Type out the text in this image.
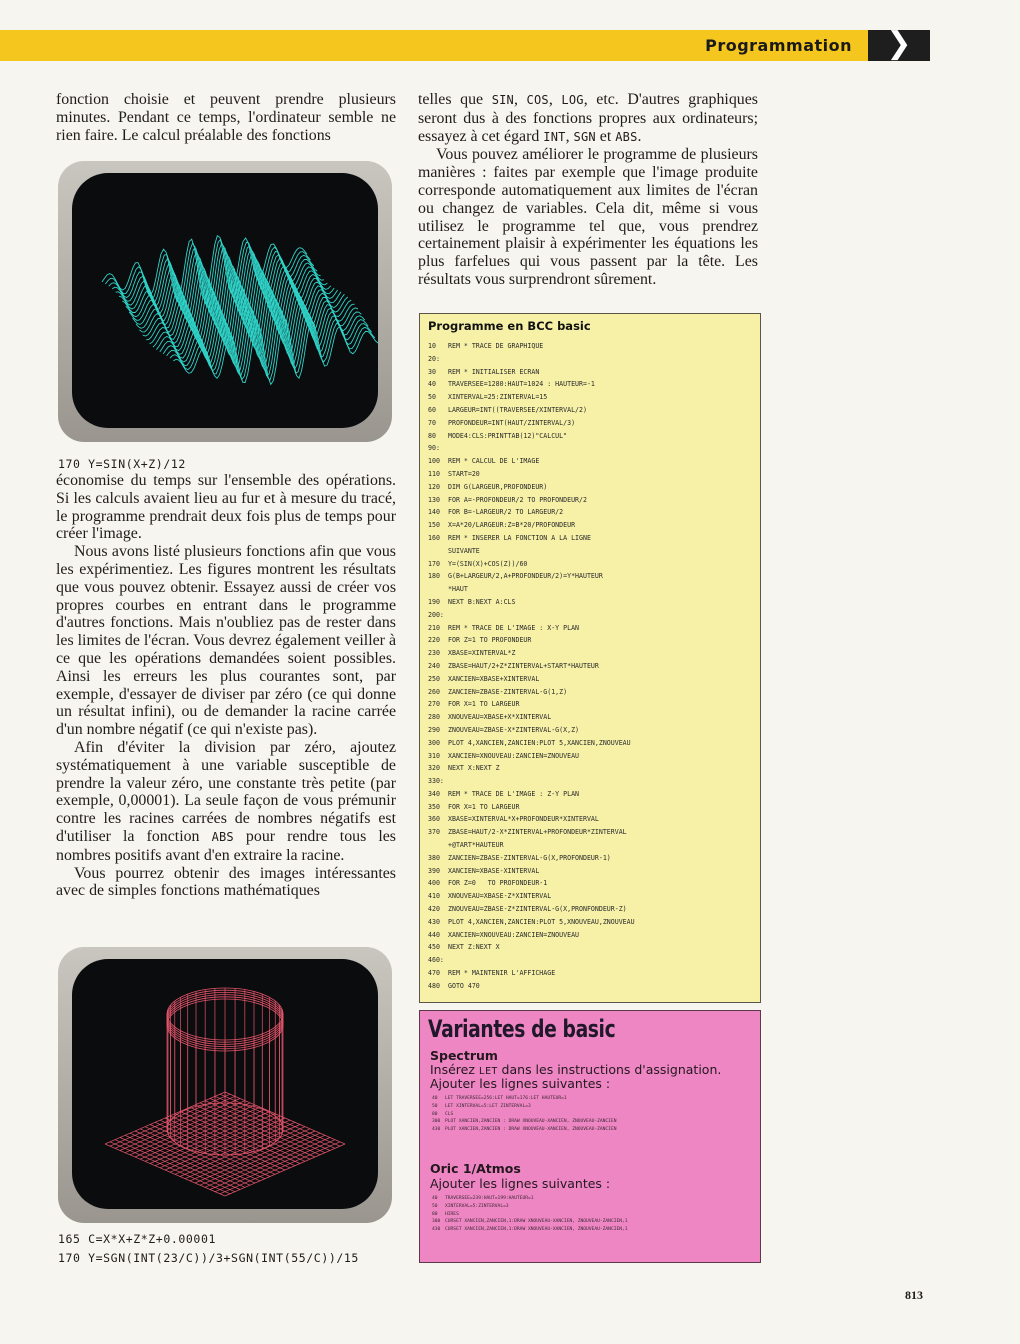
Programmation	❯

fonction choisie et peuvent prendre plusieurs minutes. Pendant ce temps, l'ordinateur semble ne rien faire. Le calcul préalable des fonctions

170 Y=SIN(X+Z)/12

économise du temps sur l'ensemble des opérations. Si les calculs avaient lieu au fur et à mesure du tracé, le programme prendrait deux fois plus de temps pour créer l'image.

Nous avons listé plusieurs fonctions afin que vous les expérimentiez. Les figures montrent les résultats que vous pouvez obtenir. Essayez aussi de créer vos propres courbes en entrant dans le programme d'autres fonctions. Mais n'oubliez pas de rester dans les limites de l'écran. Vous devrez également veiller à ce que les opérations demandées soient possibles. Ainsi les erreurs les plus courantes sont, par exemple, d'essayer de diviser par zéro (ce qui donne un résultat infini), ou de demander la racine carrée d'un nombre négatif (ce qui n'existe pas).

Afin d'éviter la division par zéro, ajoutez systématiquement à une variable susceptible de prendre la valeur zéro, une constante très petite (par exemple, 0,00001). La seule façon de vous prémunir contre les racines carrées de nombres négatifs est d'utiliser la fonction ABS pour rendre tous les nombres positifs avant d'en extraire la racine.

Vous pourrez obtenir des images intéressantes avec de simples fonctions mathématiques

165 C=X*X+Z*Z+0.00001
170 Y=SGN(INT(23/C))/3+SGN(INT(55/C))/15

telles que SIN, COS, LOG, etc. D'autres graphiques seront dus à des fonctions propres aux ordinateurs; essayez à cet égard INT, SGN et ABS.

Vous pouvez améliorer le programme de plusieurs manières : faites par exemple que l'image produite corresponde automatiquement aux limites de l'écran ou changez de variables. Cela dit, même si vous utilisez le programme tel que, vous prendrez certainement plaisir à expérimenter les équations les plus farfelues qui vous passent par la tête. Les résultats vous surprendront sûrement.

Programme en BCC basic
10	REM * TRACE DE GRAPHIQUE
20:
30	REM * INITIALISER ECRAN
40	TRAVERSEE=1280:HAUT=1024 : HAUTEUR=-1
50	XINTERVAL=25:ZINTERVAL=15
60	LARGEUR=INT((TRAVERSEE/XINTERVAL/2)
70	PROFONDEUR=INT(HAUT/ZINTERVAL/3)
80	MODE4:CLS:PRINTTAB(12)"CALCUL"
90:
100	REM * CALCUL DE L'IMAGE
110	START=20
120	DIM G(LARGEUR,PROFONDEUR)
130	FOR A=-PROFONDEUR/2 TO PROFONDEUR/2
140	FOR B=-LARGEUR/2 TO LARGEUR/2
150	X=A*20/LARGEUR:Z=B*20/PROFONDEUR
160	REM * INSERER LA FONCTION A LA LIGNE
SUIVANTE
170	Y=(SIN(X)+COS(Z))/60
180	G(B+LARGEUR/2,A+PROFONDEUR/2)=Y*HAUTEUR
*HAUT
190	NEXT B:NEXT A:CLS
200:
210	REM * TRACE DE L'IMAGE : X-Y PLAN
220	FOR Z=1 TO PROFONDEUR
230	XBASE=XINTERVAL*Z
240	ZBASE=HAUT/2+Z*ZINTERVAL+START*HAUTEUR
250	XANCIEN=XBASE+XINTERVAL
260	ZANCIEN=ZBASE-ZINTERVAL-G(1,Z)
270	FOR X=1 TO LARGEUR
280	XNOUVEAU=XBASE+X*XINTERVAL
290	ZNOUVEAU=ZBASE-X*ZINTERVAL-G(X,Z)
300	PLOT 4,XANCIEN,ZANCIEN:PLOT 5,XANCIEN,ZNOUVEAU
310	XANCIEN=XNOUVEAU:ZANCIEN=ZNOUVEAU
320	NEXT X:NEXT Z
330:
340	REM * TRACE DE L'IMAGE : Z-Y PLAN
350	FOR X=1 TO LARGEUR
360	XBASE=XINTERVAL*X+PROFONDEUR*XINTERVAL
370	ZBASE=HAUT/2-X*ZINTERVAL+PROFONDEUR*ZINTERVAL
+@TART*HAUTEUR
380	ZANCIEN=ZBASE-ZINTERVAL-G(X,PROFONDEUR-1)
390	XANCIEN=XBASE-XINTERVAL
400	FOR Z=0   TO PROFONDEUR-1
410	XNOUVEAU=XBASE-Z*XINTERVAL
420	ZNOUVEAU=ZBASE-Z*ZINTERVAL-G(X,PRONFONDEUR-Z)
430	PLOT 4,XANCIEN,ZANCIEN:PLOT 5,XNOUVEAU,ZNOUVEAU
440	XANCIEN=XNOUVEAU:ZANCIEN=ZNOUVEAU
450	NEXT Z:NEXT X
460:
470	REM * MAINTENIR L'AFFICHAGE
480	GOTO 470
Variantes de basic
Spectrum
Insérez LET dans les instructions d'assignation.
Ajouter les lignes suivantes :
40	LET TRAVERSEE=256:LET HAUT=176:LET HAUTEUR=1
50	LET XINTERVAL=5:LET ZINTERVAL=3
80	CLS
300	PLOT XANCIEN,ZANCIEN : DRAW XNOUVEAU-XANCIEN, ZNOUVEAU-ZANCIEN
430	PLOT XANCIEN,ZANCIEN : DRAW XNOUVEAU-XANCIEN, ZNOUVEAU-ZANCIEN
Oric 1/Atmos
Ajouter les lignes suivantes :
40	TRAVERSEE=239:HAUT=199:HAUTEUR=1
50	XINTERVAL=5:ZINTERVAL=3
80	HIRES
300	CURSET XANCIEN,ZANCIEN,1:DRAW XNOUVEAU-XANCIEN, ZNOUVEAU-ZANCIEN,1
430	CURSET XANCIEN,ZANCIEN,1:DRAW XNOUVEAU-XANCIEN, ZNOUVEAU-ZANCIEN,1
813
